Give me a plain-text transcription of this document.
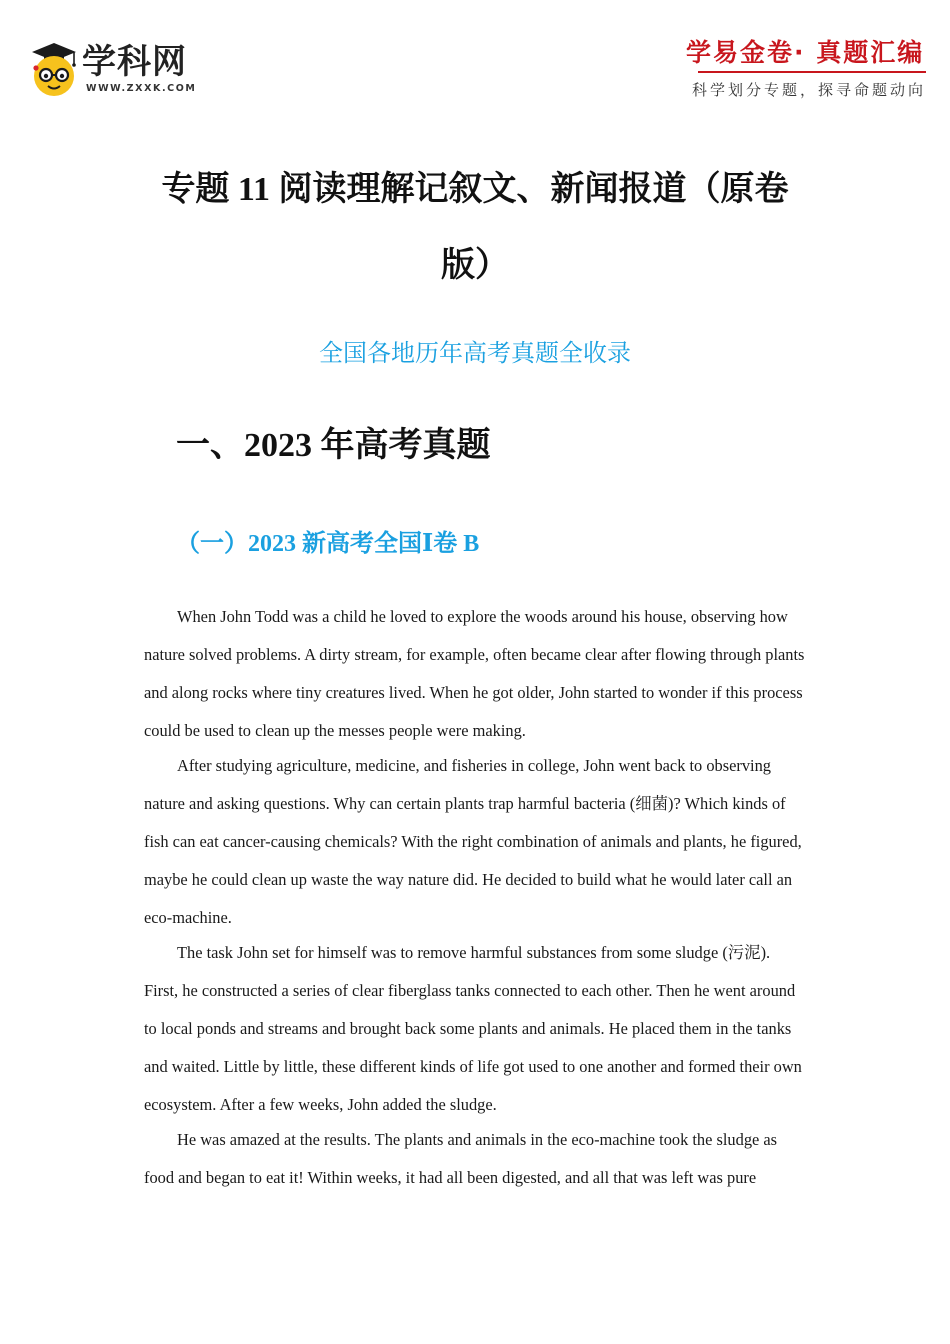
学科网
WWW.ZXXK.COM
学易金卷· 真题汇编
科学划分专题，探寻命题动向
专题 11 阅读理解记叙文、新闻报道（原卷
版）
全国各地历年高考真题全收录
一、2023 年高考真题
（一）2023 新高考全国Ⅰ卷 B

When John Todd was a child he loved to explore the woods around his house, observing how nature solved problems. A dirty stream, for example, often became clear after flowing through plants and along rocks where tiny creatures lived. When he got older, John started to wonder if this process could be used to clean up the messes people were making.

After studying agriculture, medicine, and fisheries in college, John went back to observing nature and asking questions. Why can certain plants trap harmful bacteria (细菌)? Which kinds of fish can eat cancer-causing chemicals? With the right combination of animals and plants, he figured, maybe he could clean up waste the way nature did. He decided to build what he would later call an eco-machine.

The task John set for himself was to remove harmful substances from some sludge (污泥). First, he constructed a series of clear fiberglass tanks connected to each other. Then he went around to local ponds and streams and brought back some plants and animals. He placed them in the tanks and waited. Little by little, these different kinds of life got used to one another and formed their own ecosystem. After a few weeks, John added the sludge.

He was amazed at the results. The plants and animals in the eco-machine took the sludge as food and began to eat it! Within weeks, it had all been digested, and all that was left was pure
